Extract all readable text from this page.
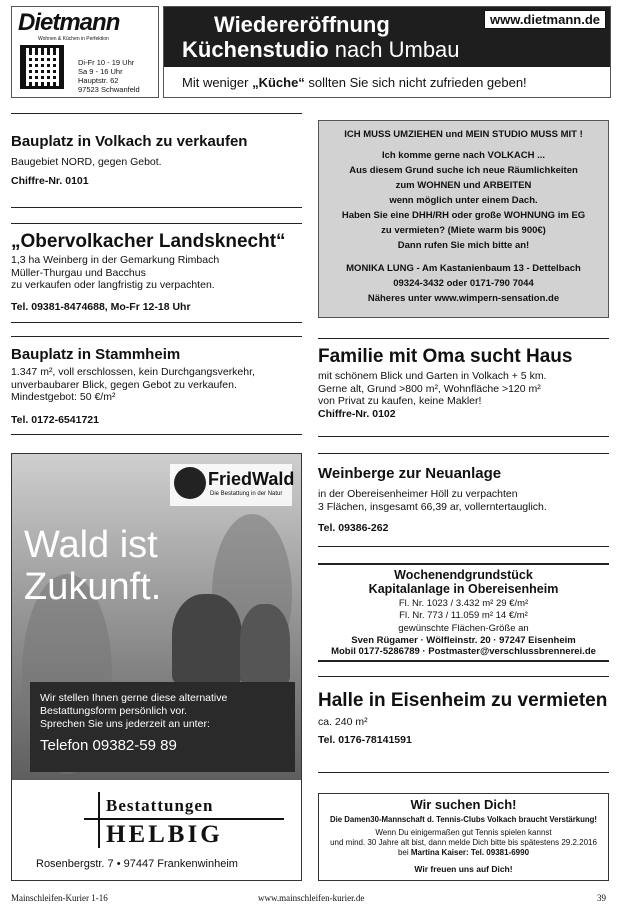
Dietmann
Wohnen & Küchen in Perfektion
Di-Fr 10 - 19 Uhr
Sa 9 - 16 Uhr
Hauptstr. 62
97523 Schwanfeld
www.dietmann.de
Wiedereröffnung
Küchenstudio nach Umbau
Mit weniger „Küche“ sollten Sie sich nicht zufrieden geben!
Bauplatz in Volkach zu verkaufen
Baugebiet NORD, gegen Gebot.
Chiffre-Nr. 0101
„Obervolkacher Landsknecht“
1,3 ha Weinberg in der Gemarkung Rimbach
Müller-Thurgau und Bacchus
zu verkaufen oder langfristig zu verpachten.
Tel. 09381-8474688, Mo-Fr 12-18 Uhr
Bauplatz in Stammheim
1.347 m², voll erschlossen, kein Durchgangsverkehr,
unverbaubarer Blick, gegen Gebot zu verkaufen.
Mindestgebot: 50 €/m²
Tel. 0172-6541721
FriedWald
Die Bestattung in der Natur
Wald ist
Zukunft.
Wir stellen Ihnen gerne diese alternative
Bestattungsform persönlich vor.
Sprechen Sie uns jederzeit an unter:
Telefon 09382-59 89
Bestattungen
HELBIG
Rosenbergstr. 7 • 97447 Frankenwinheim
ICH MUSS UMZIEHEN und MEIN STUDIO MUSS MIT !
Ich komme gerne nach VOLKACH ...
Aus diesem Grund suche ich neue Räumlichkeiten
zum WOHNEN und ARBEITEN
wenn möglich unter einem Dach.
Haben Sie eine DHH/RH oder große WOHNUNG im EG
zu vermieten? (Miete warm bis 900€)
Dann rufen Sie mich bitte an!
MONIKA LUNG - Am Kastanienbaum 13 - Dettelbach
09324-3432 oder 0171-790 7044
Näheres unter www.wimpern-sensation.de
Familie mit Oma sucht Haus
mit schönem Blick und Garten in Volkach + 5 km.
Gerne alt, Grund >800 m², Wohnfläche >120 m²
von Privat zu kaufen, keine Makler!
Chiffre-Nr. 0102
Weinberge zur Neuanlage
in der Obereisenheimer Höll zu verpachten
3 Flächen, insgesamt 66,39 ar, vollerntertauglich.
Tel. 09386-262
Wochenendgrundstück
Kapitalanlage in Obereisenheim
Fl. Nr. 1023 / 3.432 m² 29 €/m²
Fl. Nr. 773 / 11.059 m² 14 €/m²
gewünschte Flächen-Größe an
Sven Rügamer · Wölfleinstr. 20 · 97247 Eisenheim
Mobil 0177-5286789 · Postmaster@verschlussbrennerei.de
Halle in Eisenheim zu vermieten
ca. 240 m²
Tel. 0176-78141591
Wir suchen Dich!
Die Damen30-Mannschaft d. Tennis-Clubs Volkach braucht Verstärkung!
Wenn Du einigermaßen gut Tennis spielen kannst
und mind. 30 Jahre alt bist, dann melde Dich bitte bis spätestens 29.2.2016
bei Martina Kaiser: Tel. 09381-6990
Wir freuen uns auf Dich!
Mainschleifen-Kurier 1-16	www.mainschleifen-kurier.de	39
